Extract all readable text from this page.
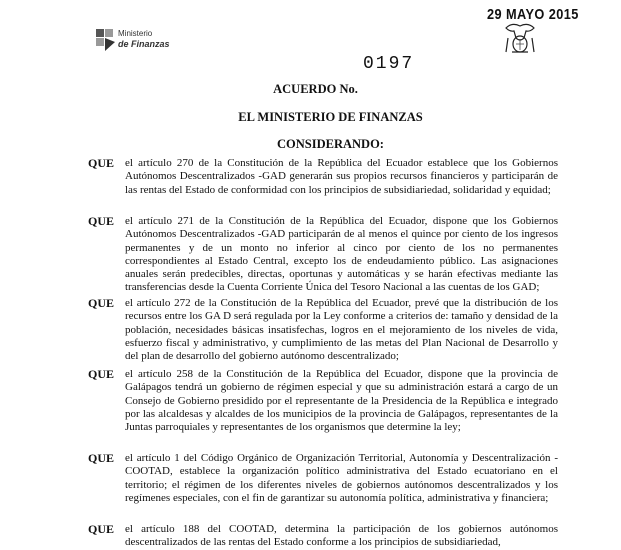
Ministerio
de Finanzas
29 MAYO 2015
0197
ACUERDO No.
EL MINISTERIO DE FINANZAS
CONSIDERANDO:
QUE el artículo 270 de la Constitución de la República del Ecuador establece que los Gobiernos Autónomos Descentralizados -GAD generarán sus propios recursos financieros y participarán de las rentas del Estado de conformidad con los principios de subsidiariedad, solidaridad y equidad;
QUE el artículo 271 de la Constitución de la República del Ecuador, dispone que los Gobiernos Autónomos Descentralizados -GAD participarán de al menos el quince por ciento de los ingresos permanentes y de un monto no inferior al cinco por ciento de los no permanentes correspondientes al Estado Central, excepto los de endeudamiento público. Las asignaciones anuales serán predecibles, directas, oportunas y automáticas y se harán efectivas mediante las transferencias desde la Cuenta Corriente Única del Tesoro Nacional a las cuentas de los GAD;
QUE el artículo 272 de la Constitución de la República del Ecuador, prevé que la distribución de los recursos entre los GA D será regulada por la Ley conforme a criterios de: tamaño y densidad de la población, necesidades básicas insatisfechas, logros en el mejoramiento de los niveles de vida, esfuerzo fiscal y administrativo, y cumplimiento de las metas del Plan Nacional de Desarrollo y del plan de desarrollo del gobierno autónomo descentralizado;
QUE el artículo 258 de la Constitución de la República del Ecuador, dispone que la provincia de Galápagos tendrá un gobierno de régimen especial y que su administración estará a cargo de un Consejo de Gobierno presidido por el representante de la Presidencia de la República e integrado por las alcaldesas y alcaldes de los municipios de la provincia de Galápagos, representantes de la Juntas parroquiales y representantes de los organismos que determine la ley;
QUE el artículo 1 del Código Orgánico de Organización Territorial, Autonomía y Descentralización - COOTAD, establece la organización político administrativa del Estado ecuatoriano en el territorio; el régimen de los diferentes niveles de gobiernos autónomos descentralizados y los regímenes especiales, con el fin de garantizar su autonomía política, administrativa y financiera;
QUE el artículo 188 del COOTAD, determina la participación de los gobiernos autónomos descentralizados de las rentas del Estado conforme a los principios de subsidiariedad,
